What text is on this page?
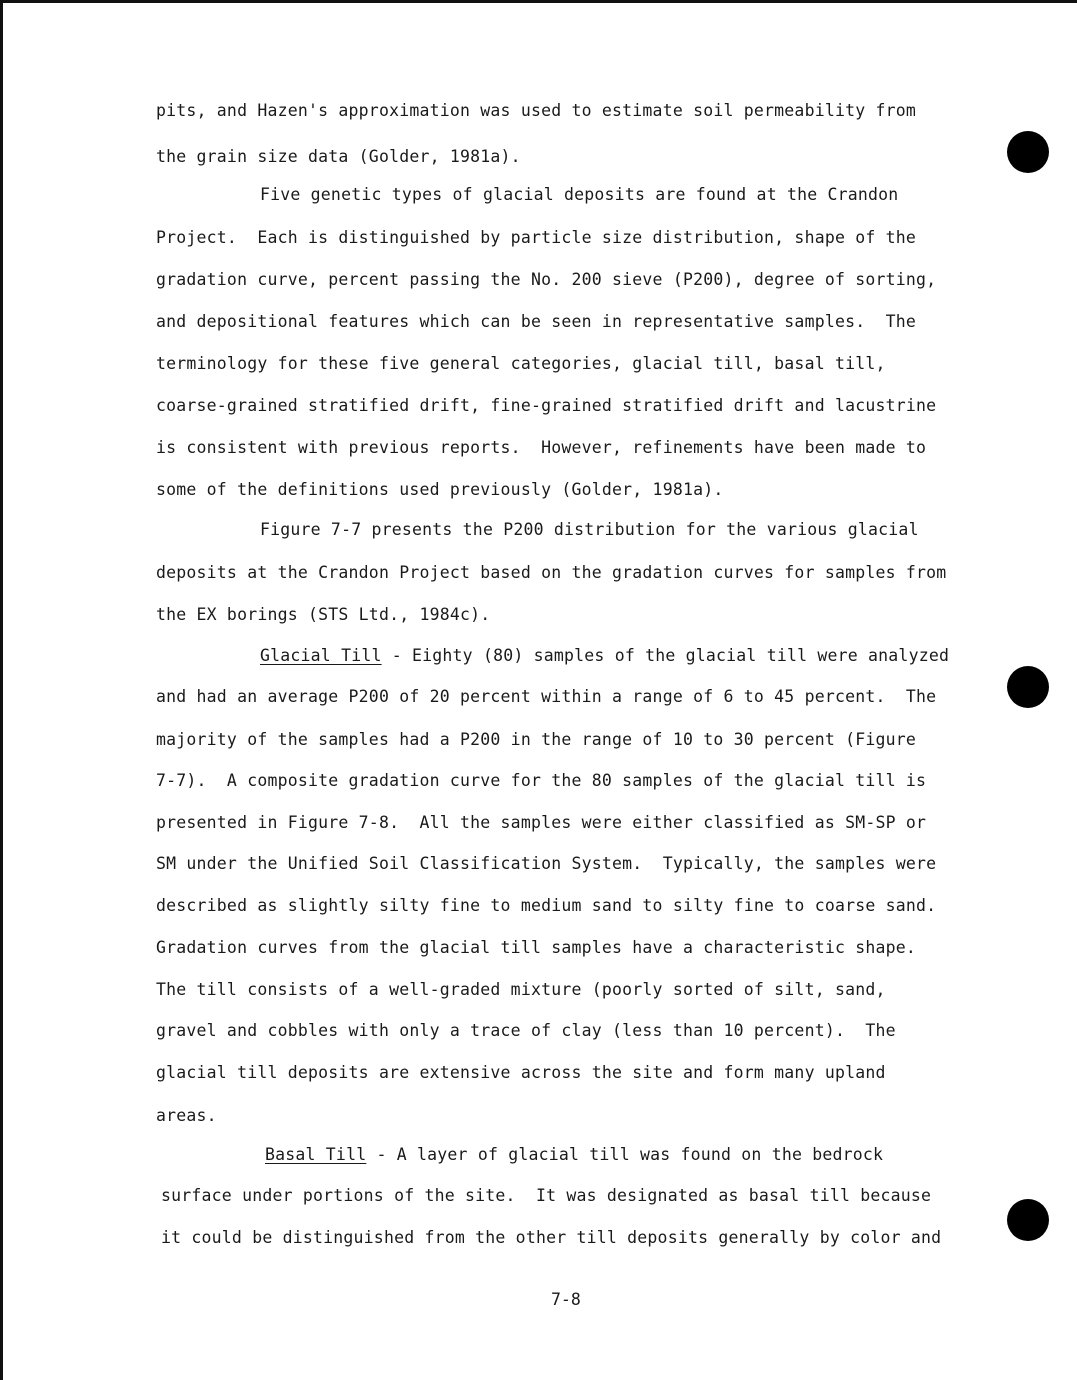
pits, and Hazen's approximation was used to estimate soil permeability from
the grain size data (Golder, 1981a).
Five genetic types of glacial deposits are found at the Crandon
Project.  Each is distinguished by particle size distribution, shape of the
gradation curve, percent passing the No. 200 sieve (P200), degree of sorting,
and depositional features which can be seen in representative samples.  The
terminology for these five general categories, glacial till, basal till,
coarse-grained stratified drift, fine-grained stratified drift and lacustrine
is consistent with previous reports.  However, refinements have been made to
some of the definitions used previously (Golder, 1981a).
Figure 7-7 presents the P200 distribution for the various glacial
deposits at the Crandon Project based on the gradation curves for samples from
the EX borings (STS Ltd., 1984c).
Glacial Till - Eighty (80) samples of the glacial till were analyzed
and had an average P200 of 20 percent within a range of 6 to 45 percent.  The
majority of the samples had a P200 in the range of 10 to 30 percent (Figure
7-7).  A composite gradation curve for the 80 samples of the glacial till is
presented in Figure 7-8.  All the samples were either classified as SM-SP or
SM under the Unified Soil Classification System.  Typically, the samples were
described as slightly silty fine to medium sand to silty fine to coarse sand.
Gradation curves from the glacial till samples have a characteristic shape.
The till consists of a well-graded mixture (poorly sorted of silt, sand,
gravel and cobbles with only a trace of clay (less than 10 percent).  The
glacial till deposits are extensive across the site and form many upland
areas.
Basal Till - A layer of glacial till was found on the bedrock
surface under portions of the site.  It was designated as basal till because
it could be distinguished from the other till deposits generally by color and
7-8
